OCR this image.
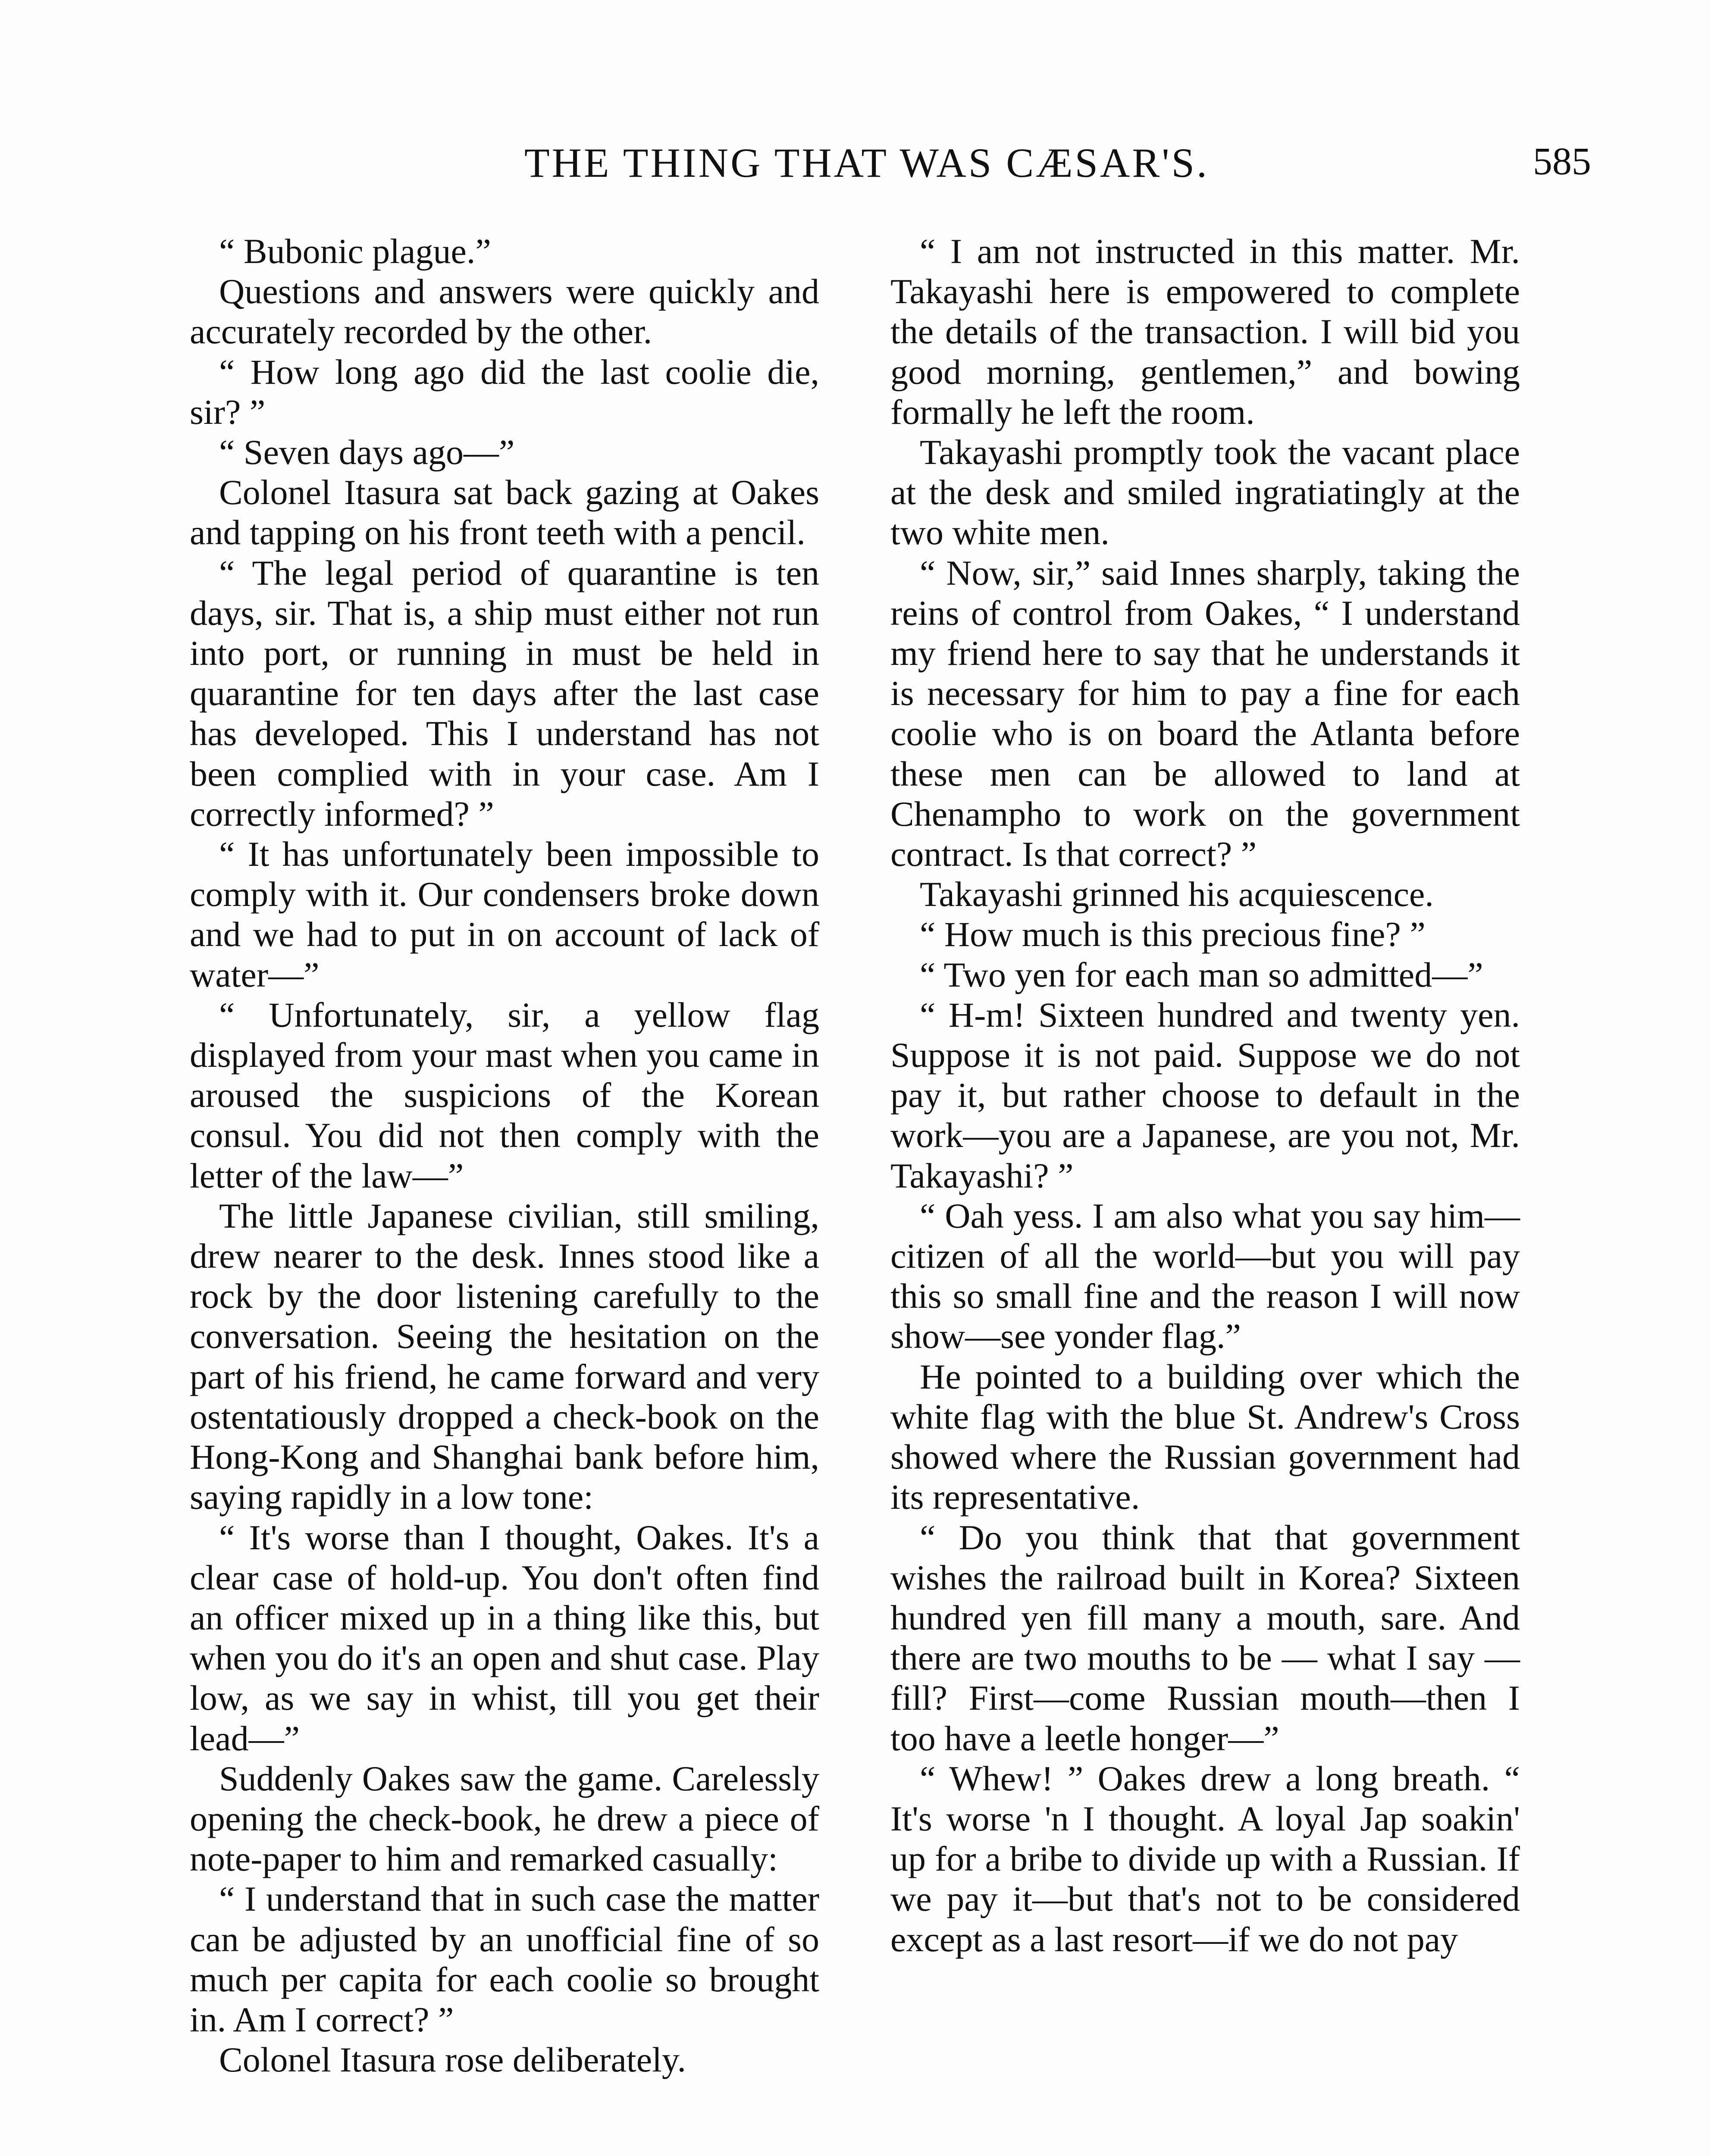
THE THING THAT WAS CÆSAR'S.	585

“ Bubonic plague.”

Questions and answers were quickly and accurately recorded by the other.

“ How long ago did the last coolie die, sir? ”

“ Seven days ago—”

Colonel Itasura sat back gazing at Oakes and tapping on his front teeth with a pencil.

“ The legal period of quarantine is ten days, sir. That is, a ship must either not run into port, or running in must be held in quarantine for ten days after the last case has developed. This I understand has not been complied with in your case. Am I correctly informed? ”

“ It has unfortunately been impossible to comply with it. Our condensers broke down and we had to put in on account of lack of water—”

“ Unfortunately, sir, a yellow flag displayed from your mast when you came in aroused the suspicions of the Korean consul. You did not then comply with the letter of the law—”

The little Japanese civilian, still smiling, drew nearer to the desk. Innes stood like a rock by the door listening carefully to the conversation. Seeing the hesitation on the part of his friend, he came forward and very ostentatiously dropped a check-book on the Hong-Kong and Shanghai bank before him, saying rapidly in a low tone:

“ It's worse than I thought, Oakes. It's a clear case of hold-up. You don't often find an officer mixed up in a thing like this, but when you do it's an open and shut case. Play low, as we say in whist, till you get their lead—”

Suddenly Oakes saw the game. Carelessly opening the check-book, he drew a piece of note-paper to him and remarked casually:

“ I understand that in such case the matter can be adjusted by an unofficial fine of so much per capita for each coolie so brought in. Am I correct? ”

Colonel Itasura rose deliberately.

“ I am not instructed in this matter. Mr. Takayashi here is empowered to complete the details of the transaction. I will bid you good morning, gentlemen,” and bowing formally he left the room.

Takayashi promptly took the vacant place at the desk and smiled ingratiatingly at the two white men.

“ Now, sir,” said Innes sharply, taking the reins of control from Oakes, “ I understand my friend here to say that he understands it is necessary for him to pay a fine for each coolie who is on board the Atlanta before these men can be allowed to land at Chenampho to work on the government contract. Is that correct? ”

Takayashi grinned his acquiescence.

“ How much is this precious fine? ”

“ Two yen for each man so admitted—”

“ H-m! Sixteen hundred and twenty yen. Suppose it is not paid. Suppose we do not pay it, but rather choose to default in the work—you are a Japanese, are you not, Mr. Takayashi? ”

“ Oah yess. I am also what you say him—citizen of all the world—but you will pay this so small fine and the reason I will now show—see yonder flag.”

He pointed to a building over which the white flag with the blue St. Andrew's Cross showed where the Russian government had its representative.

“ Do you think that that government wishes the railroad built in Korea? Sixteen hundred yen fill many a mouth, sare. And there are two mouths to be — what I say — fill? First—come Russian mouth—then I too have a leetle honger—”

“ Whew! ” Oakes drew a long breath. “ It's worse 'n I thought. A loyal Jap soakin' up for a bribe to divide up with a Russian. If we pay it—but that's not to be considered except as a last resort—if we do not pay
